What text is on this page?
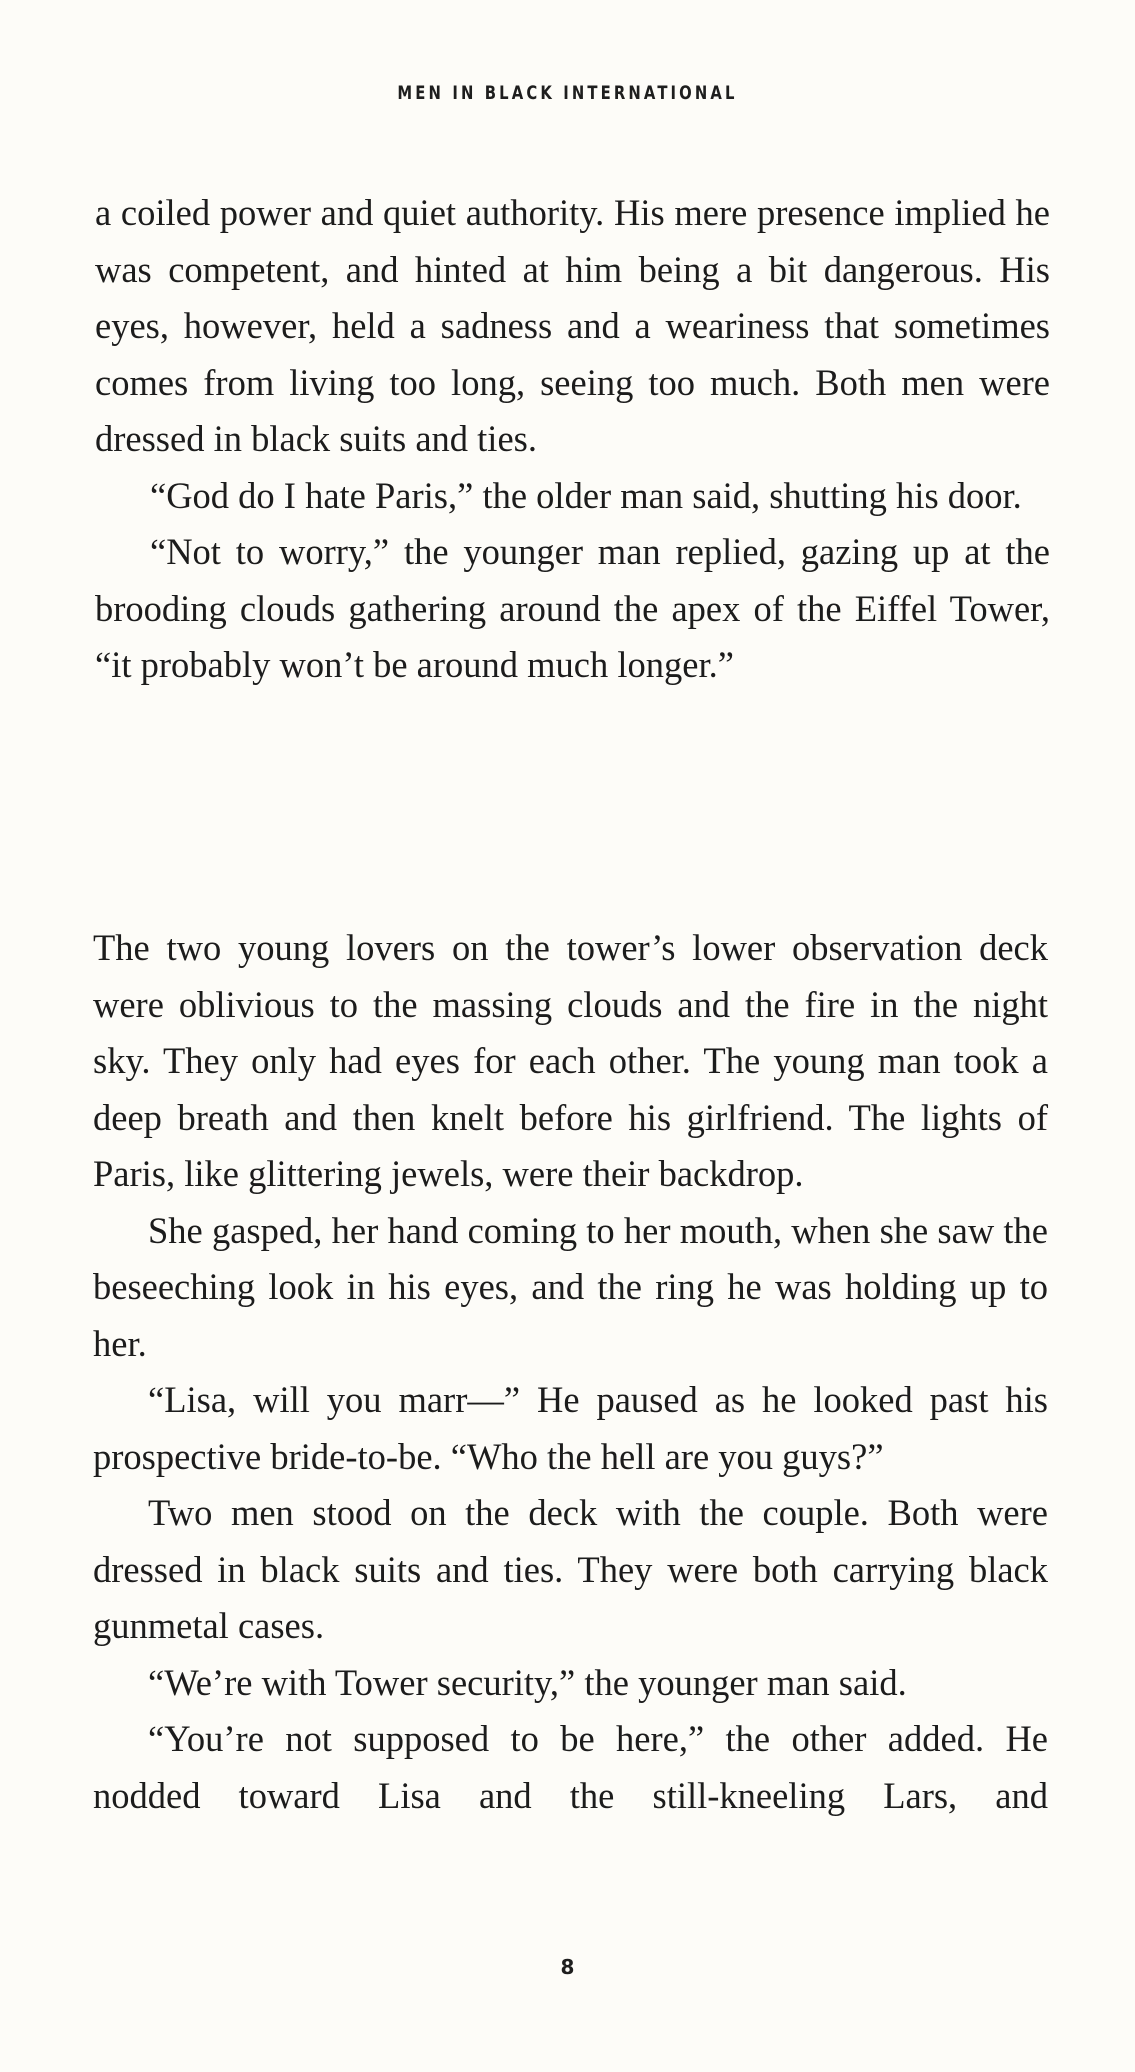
MEN IN BLACK INTERNATIONAL

a coiled power and quiet authority. His mere presence implied he was competent, and hinted at him being a bit dangerous. His eyes, however, held a sadness and a weariness that sometimes comes from living too long, seeing too much. Both men were dressed in black suits and ties.

“God do I hate Paris,” the older man said, shutting his door.

“Not to worry,” the younger man replied, gazing up at the brooding clouds gathering around the apex of the Eiffel Tower, “it probably won’t be around much longer.”

The two young lovers on the tower’s lower observation deck were oblivious to the massing clouds and the fire in the night sky. They only had eyes for each other. The young man took a deep breath and then knelt before his girlfriend. The lights of Paris, like glittering jewels, were their backdrop.

She gasped, her hand coming to her mouth, when she saw the beseeching look in his eyes, and the ring he was holding up to her.

“Lisa, will you marr—” He paused as he looked past his prospective bride-to-be. “Who the hell are you guys?”

Two men stood on the deck with the couple. Both were dressed in black suits and ties. They were both carrying black gunmetal cases.

“We’re with Tower security,” the younger man said.

“You’re not supposed to be here,” the other added. He nodded toward Lisa and the still-kneeling Lars, and

8
